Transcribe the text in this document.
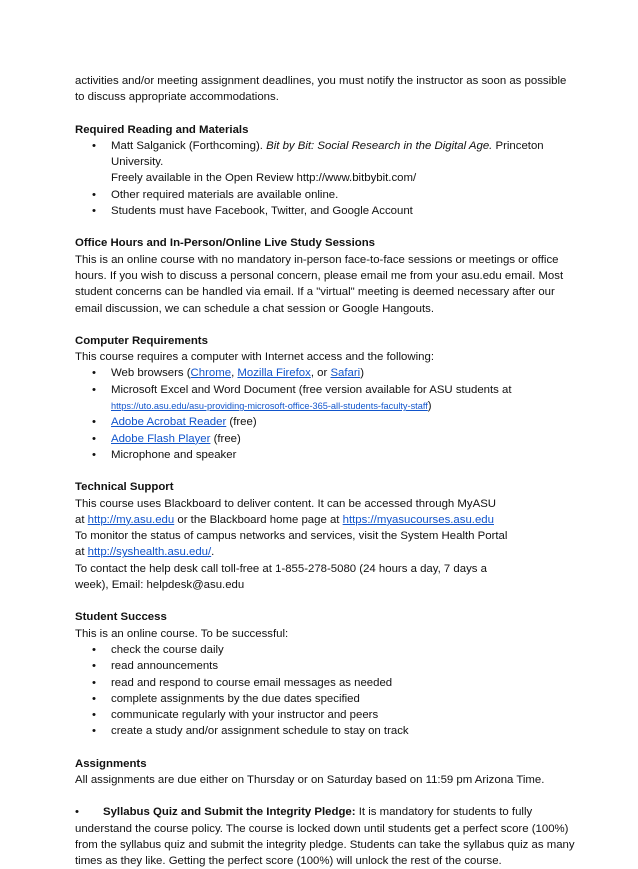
activities and/or meeting assignment deadlines, you must notify the instructor as soon as possible to discuss appropriate accommodations.

Required Reading and Materials
• Matt Salganick (Forthcoming). Bit by Bit: Social Research in the Digital Age. Princeton University.
Freely available in the Open Review http://www.bitbybit.com/
• Other required materials are available online.
• Students must have Facebook, Twitter, and Google Account
Office Hours and In-Person/Online Live Study Sessions

This is an online course with no mandatory in-person face-to-face sessions or meetings or office hours. If you wish to discuss a personal concern, please email me from your asu.edu email. Most student concerns can be handled via email. If a "virtual" meeting is deemed necessary after our email discussion, we can schedule a chat session or Google Hangouts.

Computer Requirements

This course requires a computer with Internet access and the following:

• Web browsers (Chrome, Mozilla Firefox, or Safari)
• Microsoft Excel and Word Document (free version available for ASU students at
https://uto.asu.edu/asu-providing-microsoft-office-365-all-students-faculty-staff)
• Adobe Acrobat Reader (free)
• Adobe Flash Player (free)
• Microphone and speaker
Technical Support

This course uses Blackboard to deliver content. It can be accessed through MyASU

at http://my.asu.edu or the Blackboard home page at https://myasucourses.asu.edu

To monitor the status of campus networks and services, visit the System Health Portal

at http://syshealth.asu.edu/.

To contact the help desk call toll-free at 1-855-278-5080 (24 hours a day, 7 days a week), Email: helpdesk@asu.edu

Student Success

This is an online course. To be successful:

• check the course daily
• read announcements
• read and respond to course email messages as needed
• complete assignments by the due dates specified
• communicate regularly with your instructor and peers
• create a study and/or assignment schedule to stay on track
Assignments

All assignments are due either on Thursday or on Saturday based on 11:59 pm Arizona Time.

• Syllabus Quiz and Submit the Integrity Pledge: It is mandatory for students to fully understand the course policy. The course is locked down until students get a perfect score (100%) from the syllabus quiz and submit the integrity pledge. Students can take the syllabus quiz as many times as they like. Getting the perfect score (100%) will unlock the rest of the course.
